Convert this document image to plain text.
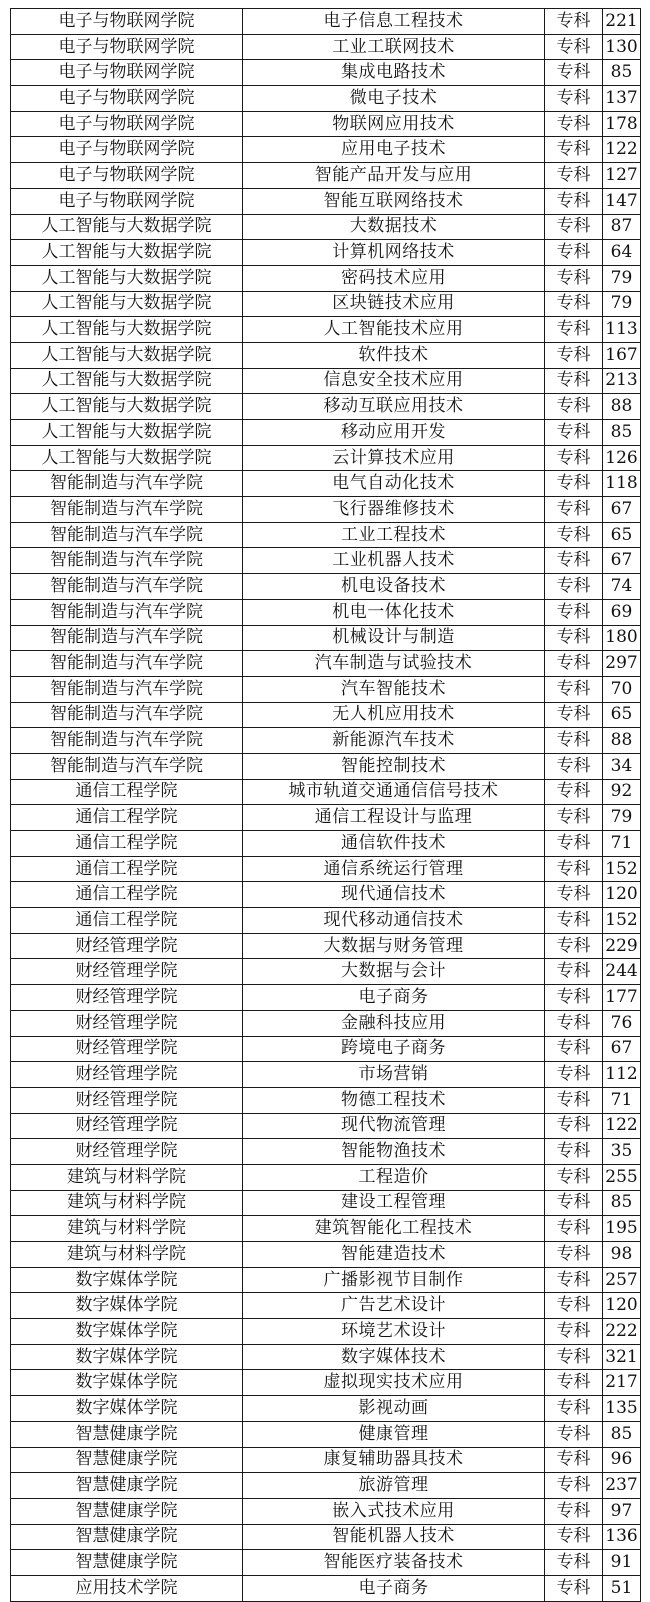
电子与物联网学院	电子信息工程技术	专科	221
电子与物联网学院	工业工联网技术	专科	130
电子与物联网学院	集成电路技术	专科	85
电子与物联网学院	微电子技术	专科	137
电子与物联网学院	物联网应用技术	专科	178
电子与物联网学院	应用电子技术	专科	122
电子与物联网学院	智能产品开发与应用	专科	127
电子与物联网学院	智能互联网络技术	专科	147
人工智能与大数据学院	大数据技术	专科	87
人工智能与大数据学院	计算机网络技术	专科	64
人工智能与大数据学院	密码技术应用	专科	79
人工智能与大数据学院	区块链技术应用	专科	79
人工智能与大数据学院	人工智能技术应用	专科	113
人工智能与大数据学院	软件技术	专科	167
人工智能与大数据学院	信息安全技术应用	专科	213
人工智能与大数据学院	移动互联应用技术	专科	88
人工智能与大数据学院	移动应用开发	专科	85
人工智能与大数据学院	云计算技术应用	专科	126
智能制造与汽车学院	电气自动化技术	专科	118
智能制造与汽车学院	飞行器维修技术	专科	67
智能制造与汽车学院	工业工程技术	专科	65
智能制造与汽车学院	工业机器人技术	专科	67
智能制造与汽车学院	机电设备技术	专科	74
智能制造与汽车学院	机电一体化技术	专科	69
智能制造与汽车学院	机械设计与制造	专科	180
智能制造与汽车学院	汽车制造与试验技术	专科	297
智能制造与汽车学院	汽车智能技术	专科	70
智能制造与汽车学院	无人机应用技术	专科	65
智能制造与汽车学院	新能源汽车技术	专科	88
智能制造与汽车学院	智能控制技术	专科	34
通信工程学院	城市轨道交通通信信号技术	专科	92
通信工程学院	通信工程设计与监理	专科	79
通信工程学院	通信软件技术	专科	71
通信工程学院	通信系统运行管理	专科	152
通信工程学院	现代通信技术	专科	120
通信工程学院	现代移动通信技术	专科	152
财经管理学院	大数据与财务管理	专科	229
财经管理学院	大数据与会计	专科	244
财经管理学院	电子商务	专科	177
财经管理学院	金融科技应用	专科	76
财经管理学院	跨境电子商务	专科	67
财经管理学院	市场营销	专科	112
财经管理学院	物德工程技术	专科	71
财经管理学院	现代物流管理	专科	122
财经管理学院	智能物渔技术	专科	35
建筑与材料学院	工程造价	专科	255
建筑与材料学院	建设工程管理	专科	85
建筑与材料学院	建筑智能化工程技术	专科	195
建筑与材料学院	智能建造技术	专科	98
数字媒体学院	广播影视节目制作	专科	257
数字媒体学院	广告艺术设计	专科	120
数字媒体学院	环境艺术设计	专科	222
数字媒体学院	数字媒体技术	专科	321
数字媒体学院	虚拟现实技术应用	专科	217
数字媒体学院	影视动画	专科	135
智慧健康学院	健康管理	专科	85
智慧健康学院	康复辅助器具技术	专科	96
智慧健康学院	旅游管理	专科	237
智慧健康学院	嵌入式技术应用	专科	97
智慧健康学院	智能机器人技术	专科	136
智慧健康学院	智能医疗装备技术	专科	91
应用技术学院	电子商务	专科	51
